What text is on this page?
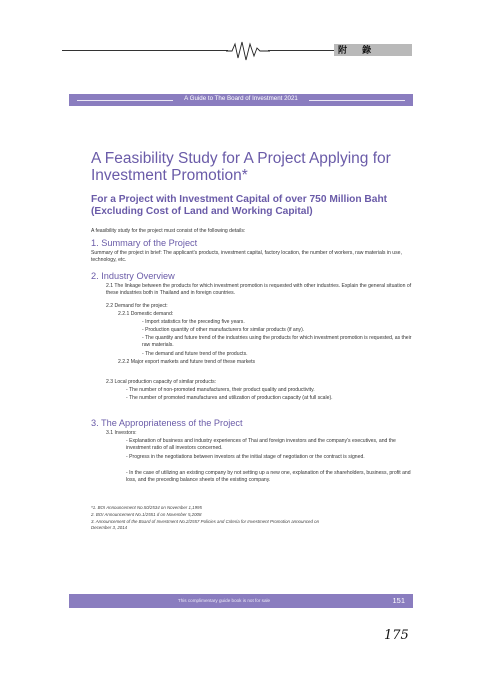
附 錄
A Guide to The Board of Investment 2021
A Feasibility Study for A Project Applying for Investment Promotion*
For a Project with Investment Capital of over 750 Million Baht (Excluding Cost of Land and Working Capital)
A feasibility study for the project must consist of the following details:
1. Summary of the Project
Summary of the project in brief: The applicant's products, investment capital, factory location, the number of workers, raw materials in use, technology, etc.
2. Industry Overview
2.1 The linkage between the products for which investment promotion is requested with other industries. Explain the general situation of these industries both in Thailand and in foreign countries.
2.2 Demand for the project:
2.2.1 Domestic demand:
- Import statistics for the preceding five years.
- Production quantity of other manufacturers for similar products (if any).
- The quantity and future trend of the industries using the products for which investment promotion is requested, as their raw materials.
- The demand and future trend of the products.
2.2.2 Major export markets and future trend of these markets
2.3 Local production capacity of similar products:
- The number of non-promoted manufacturers, their product quality and productivity.
- The number of promoted manufactures and utilization of production capacity (at full scale).
3. The Appropriateness of the Project
3.1 Investors:
- Explanation of business and industry experiences of Thai and foreign investors and the company's executives, and the investment ratio of all investors concerned.
- Progress in the negotiations between investors at the initial stage of negotiation or the contract is signed.
- In the case of utilizing an existing company by not setting up a new one, explanation of the shareholders, business, profit and loss, and the preceding balance sheets of the existing company.
*1. BOI Announcement No.50/2534 on November 1,1995
2. BOI Announcement No.1/2551 d on November 5,2008
3. Announcement of the Board of Investment No.2/2557 Policies and Criteria for Investment Promotion announced on December 3, 2014
This complimentary guide book is not for sale	151
175
